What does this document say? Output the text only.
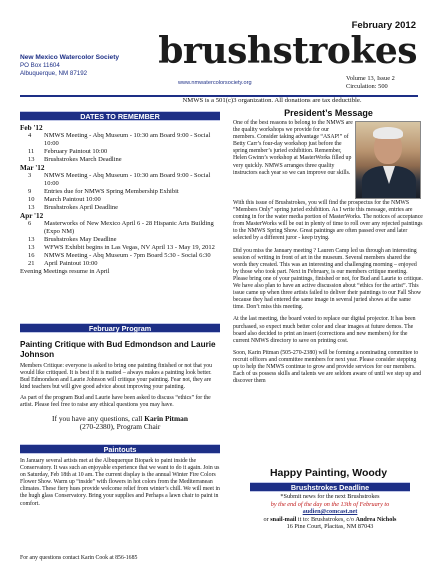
February 2012
brushstrokes
New Mexico Watercolor Society
PO Box 11604
Albuquerque, NM 87192
www.nmwatercolorsociety.org
Volume 13, Issue 2
Circulation: 500
NMWS is a 501(c)3 organization. All donations are tax deductible.
DATES TO REMEMBER
Feb '12
4	NMWS Meeting - Abq Museum - 10:30 am Board 9:00 - Social 10:00
11	February Paintout 10:00
13	Brushstrokes March Deadline
Mar '12
3	NMWS Meeting - Abq Museum - 10:30 am Board 9:00 - Social 10:00
9	Entries due for NMWS Spring Membership Exhibit
10	March Paintout 10:00
13	Brushstrokes April Deadline
Apr '12
6	Masterworks of New Mexico April 6 - 28 Hispanic Arts Building (Expo NM)
13	Brushstrokes May Deadline
13	WFWS Exhibit begins in Las Vegas, NV April 13 - May 19, 2012
16	NMWS Meeting - Abq Museum - 7pm Board 5:30 - Social 6:30
21	April Paintout 10:00
Evening Meetings resume in April
February Program
Painting Critique with Bud Edmondson and Laurie Johnson
Members Critique: everyone is asked to bring one painting finished or not that you would like critiqued. It is best if it is matted – always makes a painting look better. Bud Edmondson and Laurie Johnson will critique your painting. Fear not, they are kind teachers but will give good advice about improving your painting.
As part of the program Bud and Laurie have been asked to discuss “ethics” for the artist. Please feel free to raise any ethical questions you may have.
If you have any questions, call Karin Pitman
(270-2380), Program Chair
Paintouts
In January several artists met at the Albuquerque Biopark to paint inside the Conservatory. It was such an enjoyable experience that we want to do it again. Join us on Saturday, Feb 18th at 10 am. The current display is the annual Winter Fire Colors Flower Show. Warm up “inside” with flowers in hot colors from the Mediterranean climates. These fiery hues provide welcome relief from winter’s chill. We will meet in the hugh glass Conservatory. Bring your supplies and Perhaps a lawn chair to paint in comfort.
For any questions contact Karin Cook at 856-1685
President’s Message
One of the best reasons to belong to the NMWS are the quality workshops we provide for our members. Consider taking advantage “ASAP!” of Betty Carr’s four-day workshop just before the spring member’s juried exhibition. Remember, Helen Gwinn’s workshop at MasterWorks filled up very quickly. NMWS arranges three quality instructors each year so we can improve our skills.
With this issue of Brushstrokes, you will find the prospectus for the NMWS “Members Only” spring juried exhibition. As I write this message, entries are coming in for the water media portion of MasterWorks. The notices of acceptance from MasterWorks will be out in plenty of time to roll over any rejected paintings to the NMWS Spring Show. Great paintings are often passed over and later selected by a different juror - keep trying.
Did you miss the January meeting ? Lauren Camp led us through an interesting session of writing in front of art in the museum. Several members shared the words they created. This was an interesting and challenging morning – enjoyed by those who took part. Next in February, is our members critique meeting. Please bring one of your paintings, finished or not, for Bud and Laurie to critique. We have also plan to have an active discussion about “ethics for the artist”. This issue came up when three artists failed to deliver their paintings to our Fall Show because they had entered the same image in several juried shows at the same time. Don’t miss this meeting.
At the last meeting, the board voted to replace our digital projector. It has been purchased, so expect much better color and clear images at future demos. The board also decided to print an insert (corrections and new members) for the current NMWS directory to save on printing cost.
Soon, Karin Pitman (505-270-2380) will be forming a nominating committee to recruit officers and committee members for next year. Please consider stepping up to help the NMWS continue to grow and provide services for our members. Each of us possess skills and talents we are seldom aware of until we step up and discover them
Happy Painting, Woody
Brushstrokes Deadline
*Submit news for the next Brushstrokes
by the end of the day on the 13th of February to
audien@comcast.net
or snail-mail it to: Brushstrokes, c/o Andrea Nichols
16 Pine Court, Placitas, NM 87043
